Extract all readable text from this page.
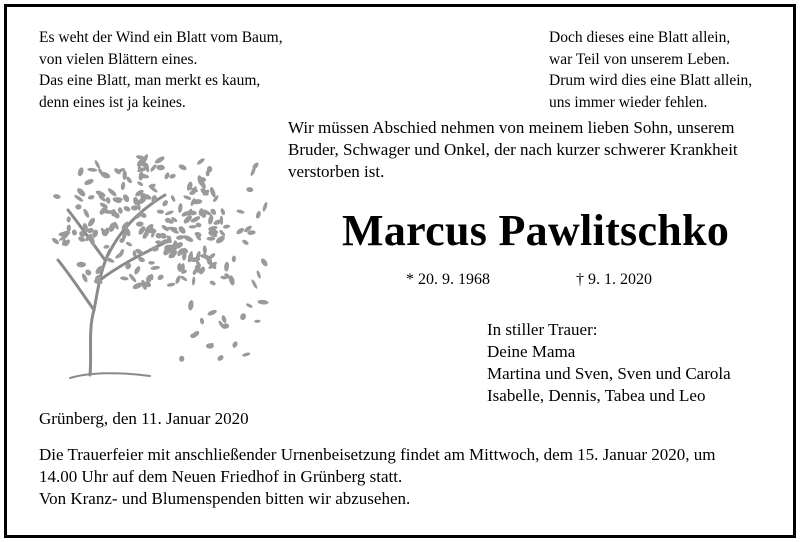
Es weht der Wind ein Blatt vom Baum,
von vielen Blättern eines.
Das eine Blatt, man merkt es kaum,
denn eines ist ja keines.
Doch dieses eine Blatt allein,
war Teil von unserem Leben.
Drum wird dies eine Blatt allein,
uns immer wieder fehlen.
Wir müssen Abschied nehmen von meinem lieben Sohn, unserem
Bruder, Schwager und Onkel, der nach kurzer schwerer Krankheit
verstorben ist.
Marcus Pawlitschko
* 20. 9. 1968	† 9. 1. 2020
In stiller Trauer:
Deine Mama
Martina und Sven, Sven und Carola
Isabelle, Dennis, Tabea und Leo
Grünberg, den 11. Januar 2020
Die Trauerfeier mit anschließender Urnenbeisetzung findet am Mittwoch, dem 15. Januar 2020, um
14.00 Uhr auf dem Neuen Friedhof in Grünberg statt.
Von Kranz- und Blumenspenden bitten wir abzusehen.
